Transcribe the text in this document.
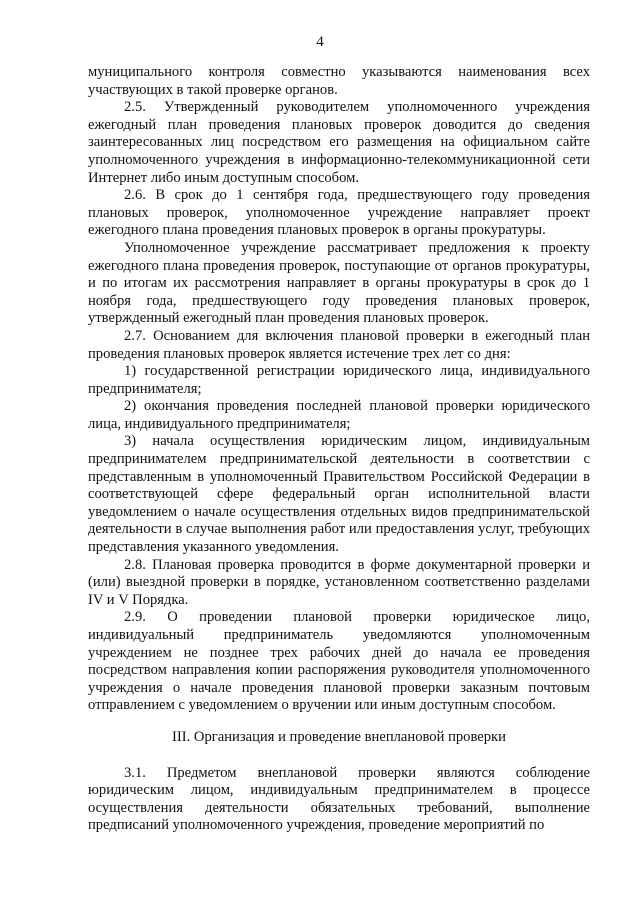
4

муниципального контроля совместно указываются наименования всех участвующих в такой проверке органов.

2.5. Утвержденный руководителем уполномоченного учреждения ежегодный план проведения плановых проверок доводится до сведения заинтересованных лиц посредством его размещения на официальном сайте уполномоченного учреждения в информационно-телекоммуникационной сети Интернет либо иным доступным способом.

2.6. В срок до 1 сентября года, предшествующего году проведения плановых проверок, уполномоченное учреждение направляет проект ежегодного плана проведения плановых проверок в органы прокуратуры.

Уполномоченное учреждение рассматривает предложения к проекту ежегодного плана проведения проверок, поступающие от органов прокуратуры, и по итогам их рассмотрения направляет в органы прокуратуры в срок до 1 ноября года, предшествующего году проведения плановых проверок, утвержденный ежегодный план проведения плановых проверок.

2.7. Основанием для включения плановой проверки в ежегодный план проведения плановых проверок является истечение трех лет со дня:

1) государственной регистрации юридического лица, индивидуального предпринимателя;

2) окончания проведения последней плановой проверки юридического лица, индивидуального предпринимателя;

3) начала осуществления юридическим лицом, индивидуальным предпринимателем предпринимательской деятельности в соответствии с представленным в уполномоченный Правительством Российской Федерации в соответствующей сфере федеральный орган исполнительной власти уведомлением о начале осуществления отдельных видов предпринимательской деятельности в случае выполнения работ или предоставления услуг, требующих представления указанного уведомления.

2.8. Плановая проверка проводится в форме документарной проверки и (или) выездной проверки в порядке, установленном соответственно разделами IV и V Порядка.

2.9. О проведении плановой проверки юридическое лицо, индивидуальный предприниматель уведомляются уполномоченным учреждением не позднее трех рабочих дней до начала ее проведения посредством направления копии распоряжения руководителя уполномоченного учреждения о начале проведения плановой проверки заказным почтовым отправлением с уведомлением о вручении или иным доступным способом.

III. Организация и проведение внеплановой проверки

3.1. Предметом внеплановой проверки являются соблюдение юридическим лицом, индивидуальным предпринимателем в процессе осуществления деятельности обязательных требований, выполнение предписаний уполномоченного учреждения, проведение мероприятий по
